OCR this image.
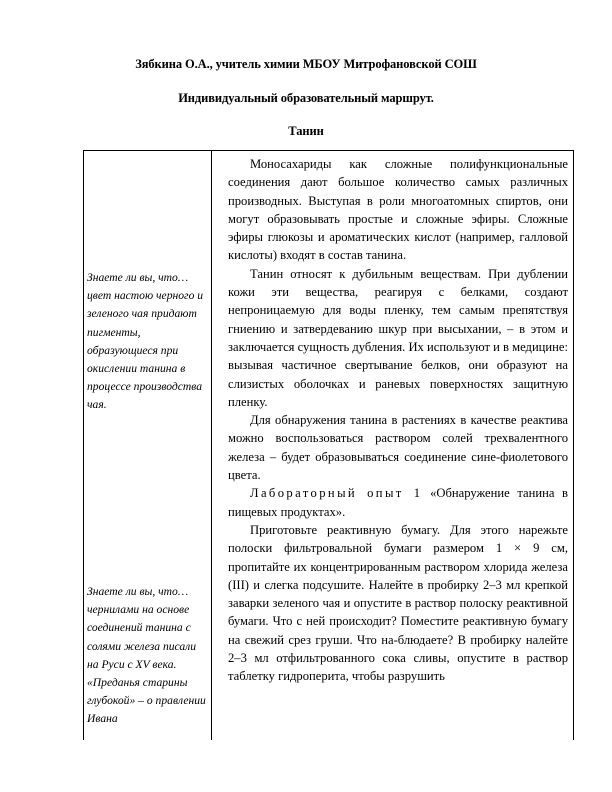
Зябкина О.А., учитель химии МБОУ Митрофановской СОШ
Индивидуальный образовательный маршрут.
Танин
Знаете ли вы, что… цвет настою черного и зеленого чая придают пигменты, образующиеся при окислении танина в процессе производства чая.
Знаете ли вы, что… чернилами на основе соединений танина с солями железа писали на Руси с XV века. «Преданья старины глубокой» – о правлении Ивана

Моносахариды как сложные полифункциональные соединения дают большое количество самых различных производных. Выступая в роли многоатомных спиртов, они могут образовывать простые и сложные эфиры. Сложные эфиры глюкозы и ароматических кислот (например, галловой кислоты) входят в состав танина.

Танин относят к дубильным веществам. При дублении кожи эти вещества, реагируя с белками, создают непроницаемую для воды пленку, тем самым препятствуя гниению и затвердеванию шкур при высыхании, – в этом и заключается сущность дубления. Их используют и в медицине: вызывая частичное свертывание белков, они образуют на слизистых оболочках и раневых поверхностях защитную пленку.

Для обнаружения танина в растениях в качестве реактива можно воспользоваться раствором солей трехвалентного железа – будет образовываться соединение сине-фиолетового цвета.

Лабораторный опыт 1 «Обнаружение танина в пищевых продуктах».

Приготовьте реактивную бумагу. Для этого нарежьте полоски фильтровальной бумаги размером 1 × 9 см, пропитайте их концентрированным раствором хлорида железа (III) и слегка подсушите. Налейте в пробирку 2–3 мл крепкой заварки зеленого чая и опустите в раствор полоску реактивной бумаги. Что с ней происходит? Поместите реактивную бумагу на свежий срез груши. Что на-блюдаете? В пробирку налейте 2–3 мл отфильтрованного сока сливы, опустите в раствор таблетку гидроперита, чтобы разрушить
